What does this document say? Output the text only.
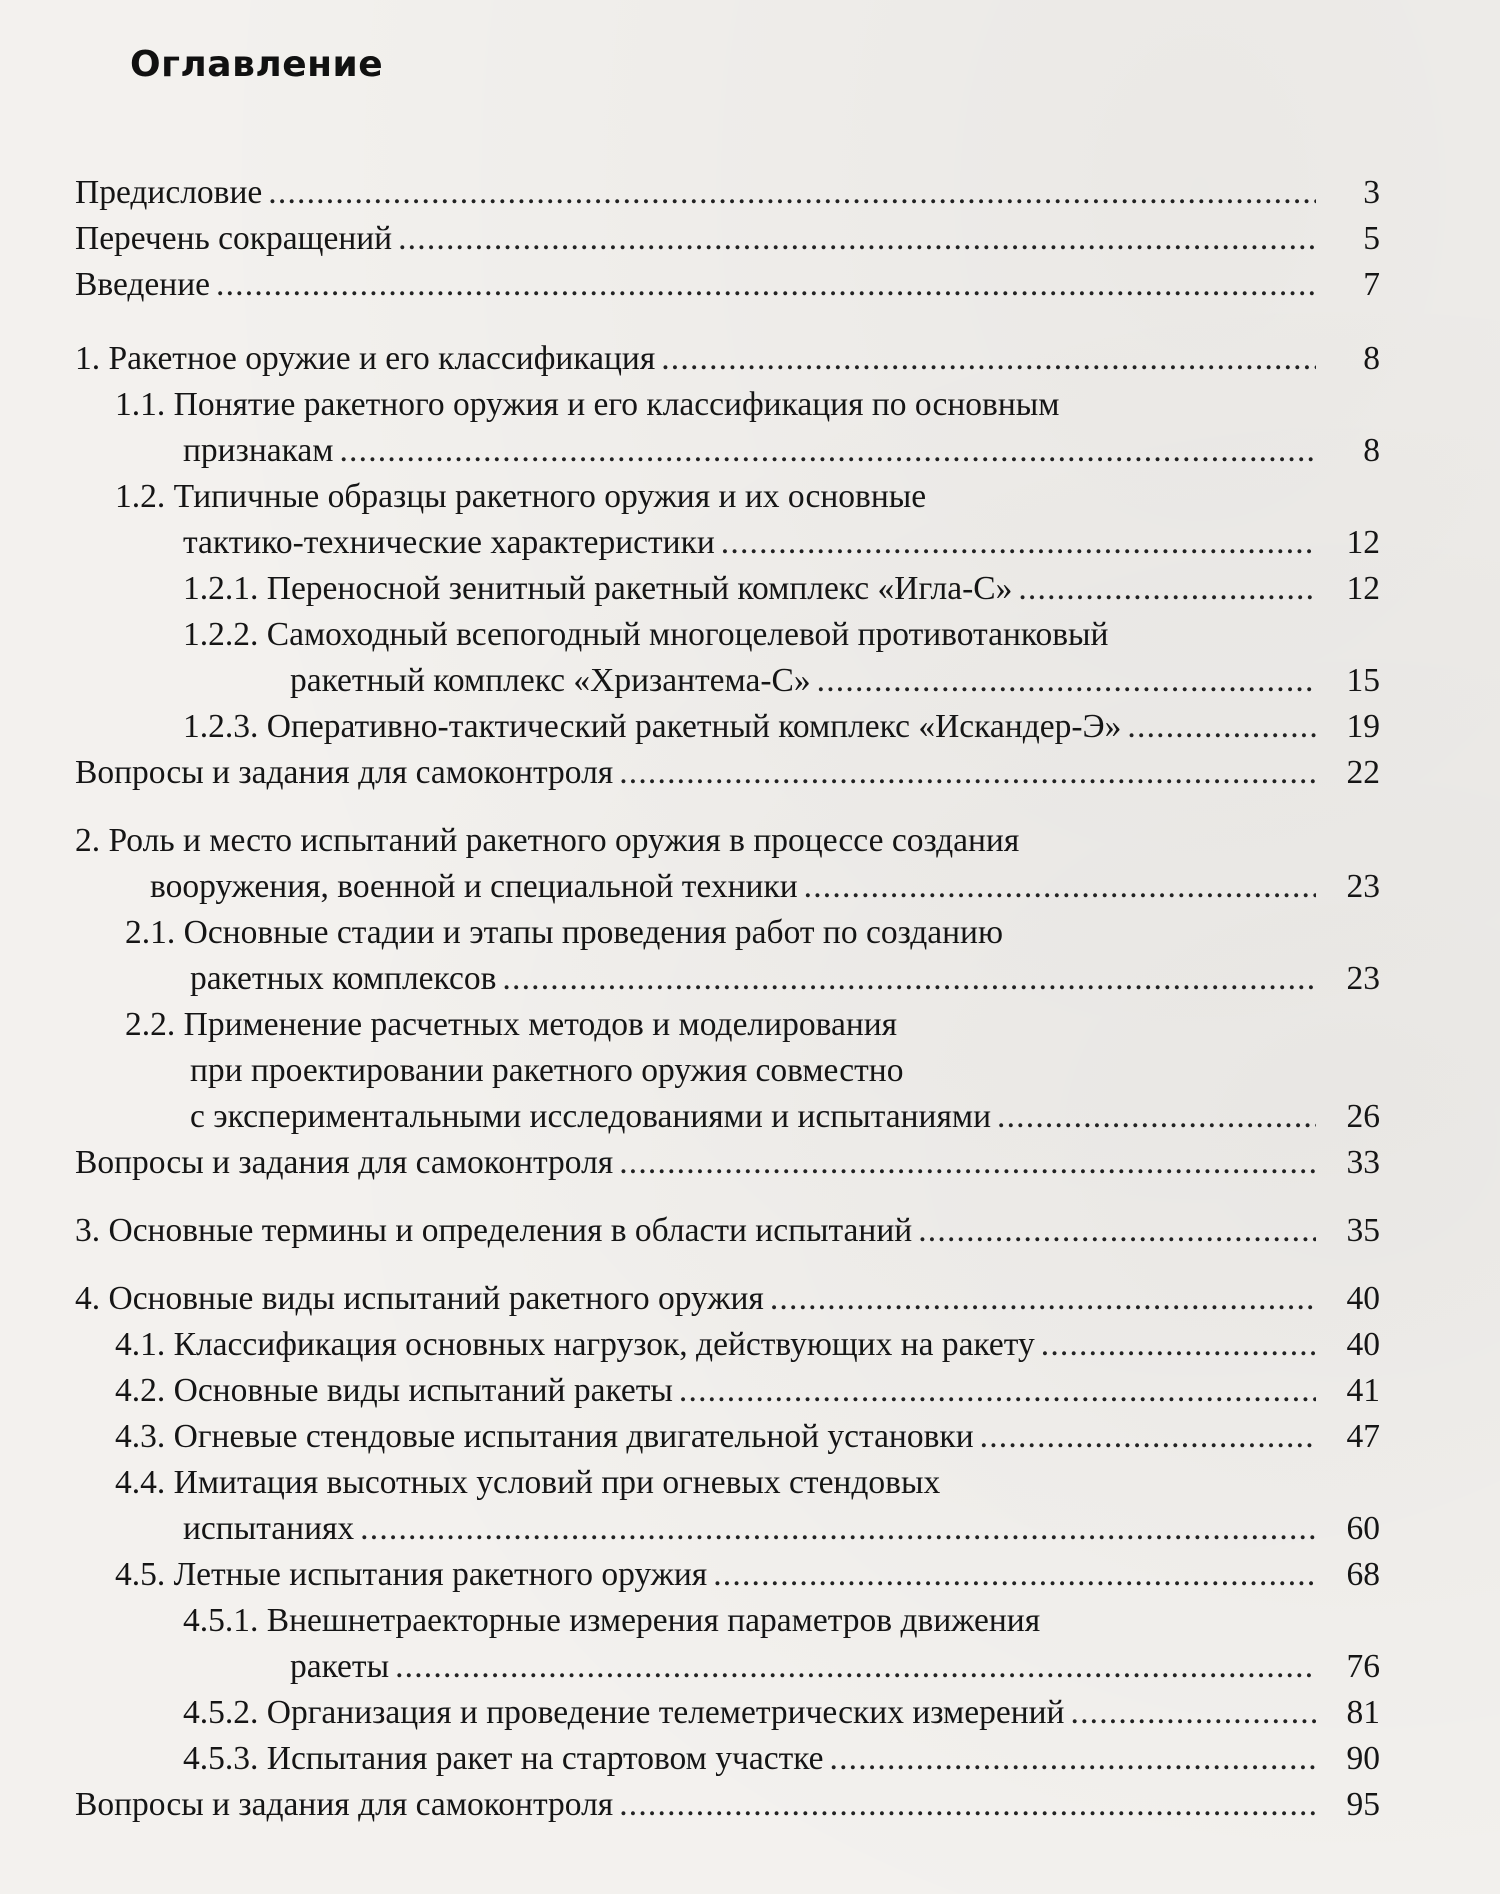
Оглавление
Предисловие .....	3
Перечень сокращений .....	5
Введение .....	7
1. Ракетное оружие и его классификация .....	8
1.1. Понятие ракетного оружия и его классификация по основным
признакам .....	8
1.2. Типичные образцы ракетного оружия и их основные
тактико-технические характеристики .....	12
1.2.1. Переносной зенитный ракетный комплекс «Игла-С» .....	12
1.2.2. Самоходный всепогодный многоцелевой противотанковый
ракетный комплекс «Хризантема-С» .....	15
1.2.3. Оперативно-тактический ракетный комплекс «Искандер-Э» .....	19
Вопросы и задания для самоконтроля .....	22
2. Роль и место испытаний ракетного оружия в процессе создания
вооружения, военной и специальной техники .....	23
2.1. Основные стадии и этапы проведения работ по созданию
ракетных комплексов .....	23
2.2. Применение расчетных методов и моделирования
при проектировании ракетного оружия совместно
с экспериментальными исследованиями и испытаниями .....	26
Вопросы и задания для самоконтроля .....	33
3. Основные термины и определения в области испытаний .....	35
4. Основные виды испытаний ракетного оружия .....	40
4.1. Классификация основных нагрузок, действующих на ракету .....	40
4.2. Основные виды испытаний ракеты .....	41
4.3. Огневые стендовые испытания двигательной установки .....	47
4.4. Имитация высотных условий при огневых стендовых
испытаниях .....	60
4.5. Летные испытания ракетного оружия .....	68
4.5.1. Внешнетраекторные измерения параметров движения
ракеты .....	76
4.5.2. Организация и проведение телеметрических измерений .....	81
4.5.3. Испытания ракет на стартовом участке .....	90
Вопросы и задания для самоконтроля .....	95
